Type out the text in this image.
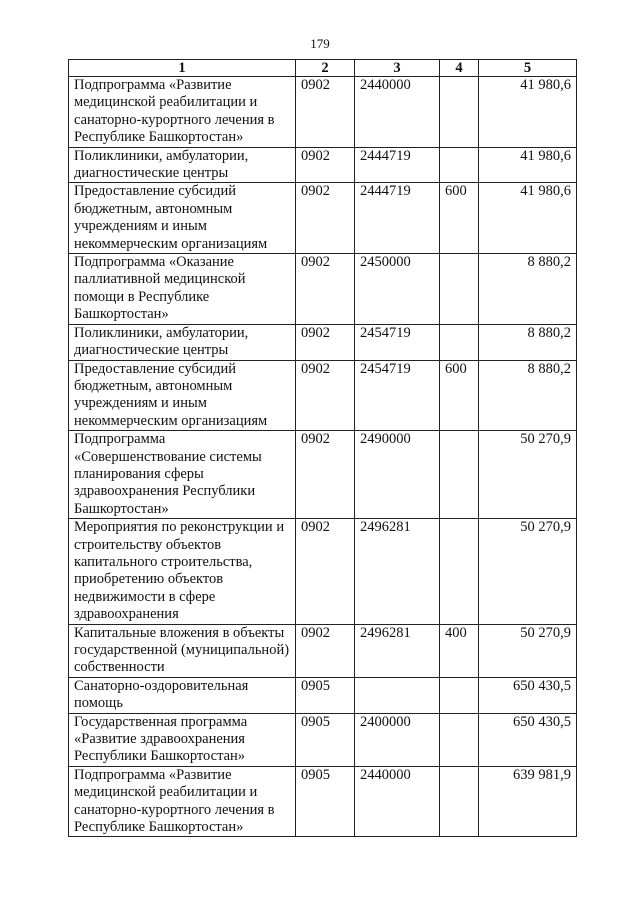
179
1	2	3	4	5
Подпрограмма «Развитие медицинской реабилитации и санаторно-курортного лечения в Республике Башкортостан»	0902	2440000		41 980,6
Поликлиники, амбулатории, диагностические центры	0902	2444719		41 980,6
Предоставление субсидий бюджетным, автономным учреждениям и иным некоммерческим организациям	0902	2444719	600	41 980,6
Подпрограмма «Оказание паллиативной медицинской помощи в Республике Башкортостан»	0902	2450000		8 880,2
Поликлиники, амбулатории, диагностические центры	0902	2454719		8 880,2
Предоставление субсидий бюджетным, автономным учреждениям и иным некоммерческим организациям	0902	2454719	600	8 880,2
Подпрограмма «Совершенствование системы планирования сферы здравоохранения Республики Башкортостан»	0902	2490000		50 270,9
Мероприятия по реконструкции и строительству объектов капитального строительства, приобретению объектов недвижимости в сфере здравоохранения	0902	2496281		50 270,9
Капитальные вложения в объекты государственной (муниципальной) собственности	0902	2496281	400	50 270,9
Санаторно-оздоровительная помощь	0905			650 430,5
Государственная программа «Развитие здравоохранения Республики Башкортостан»	0905	2400000		650 430,5
Подпрограмма «Развитие медицинской реабилитации и санаторно-курортного лечения в Республике Башкортостан»	0905	2440000		639 981,9
